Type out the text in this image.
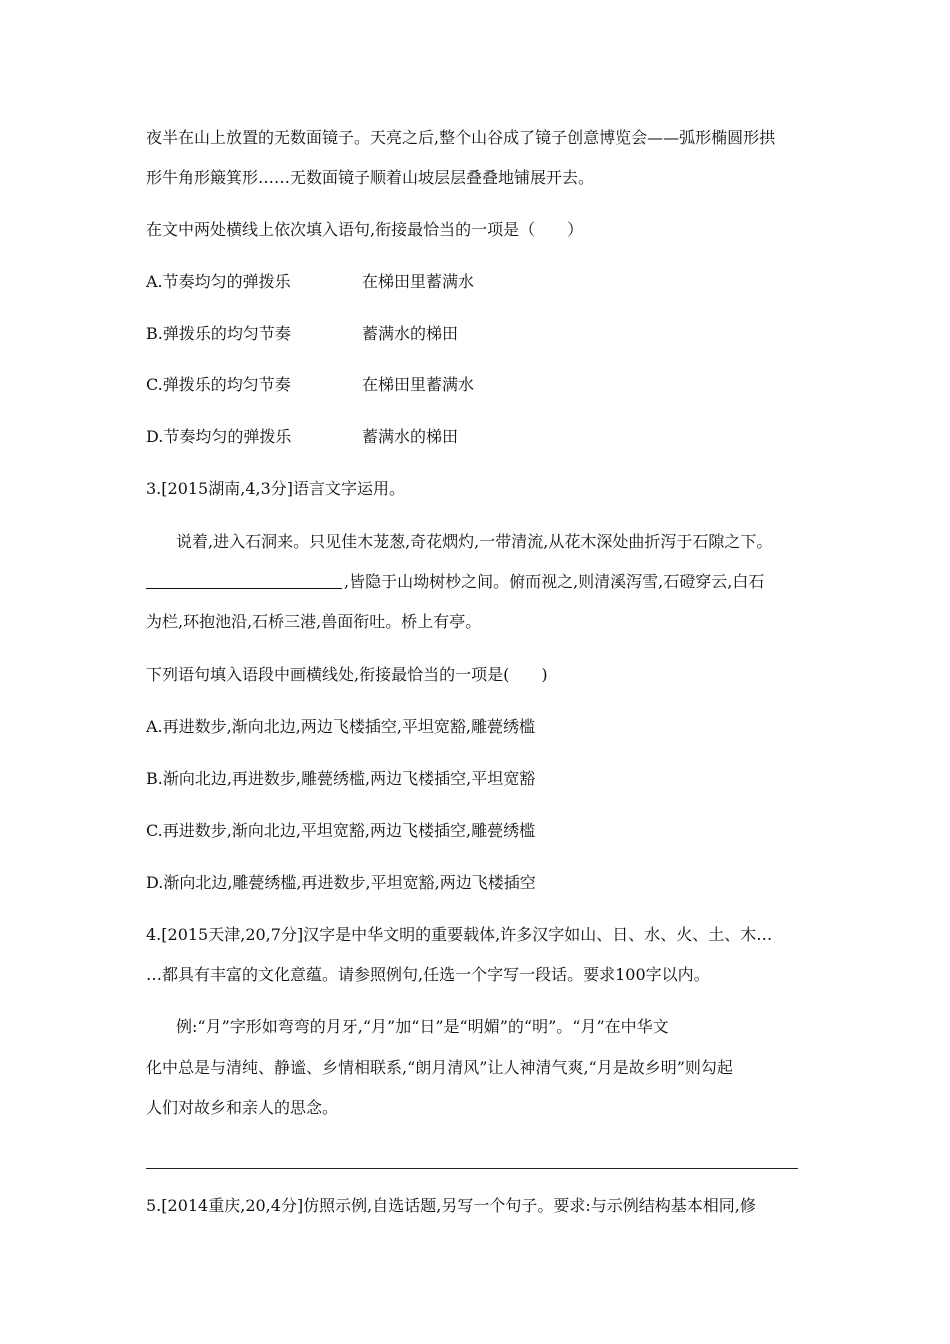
夜半在山上放置的无数面镜子。天亮之后,整个山谷成了镜子创意博览会——弧形椭圆形拱
形牛角形簸箕形……无数面镜子顺着山坡层层叠叠地铺展开去。
在文中两处横线上依次填入语句,衔接最恰当的一项是（　　）
A.节奏均匀的弹拨乐	在梯田里蓄满水
B.弹拨乐的均匀节奏	蓄满水的梯田
C.弹拨乐的均匀节奏	在梯田里蓄满水
D.节奏均匀的弹拨乐	蓄满水的梯田
3.[2015湖南,4,3分]语言文字运用。
说着,进入石洞来。只见佳木茏葱,奇花熌灼,一带清流,从花木深处曲折泻于石隙之下。
,皆隐于山坳树杪之间。俯而视之,则清溪泻雪,石磴穿云,白石
为栏,环抱池沿,石桥三港,兽面衔吐。桥上有亭。
下列语句填入语段中画横线处,衔接最恰当的一项是(　　)
A.再进数步,渐向北边,两边飞楼插空,平坦宽豁,雕甍绣槛
B.渐向北边,再进数步,雕甍绣槛,两边飞楼插空,平坦宽豁
C.再进数步,渐向北边,平坦宽豁,两边飞楼插空,雕甍绣槛
D.渐向北边,雕甍绣槛,再进数步,平坦宽豁,两边飞楼插空
4.[2015天津,20,7分]汉字是中华文明的重要载体,许多汉字如山、日、水、火、土、木…
…都具有丰富的文化意蕴。请参照例句,任选一个字写一段话。要求100字以内。
例:“月”字形如弯弯的月牙,“月”加“日”是“明媚”的“明”。“月”在中华文
化中总是与清纯、静谧、乡情相联系,“朗月清风”让人神清气爽,“月是故乡明”则勾起
人们对故乡和亲人的思念。
5.[2014重庆,20,4分]仿照示例,自选话题,另写一个句子。要求:与示例结构基本相同,修
